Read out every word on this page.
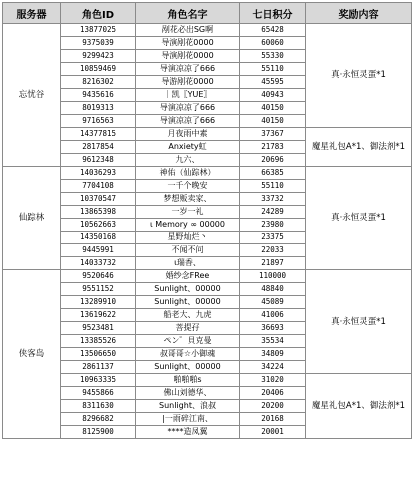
服务器	角色ID	角色名字	七日积分	奖励内容
忘忧谷	13877025	剐花必出SG啊	65428	真·永恒灵蛋*1
	9375039	导演剐花0000	60060	
	9299423	导演剐花0000	55330	
	10859469	导演凉凉了666	55110	
	8216302	导游剐花0000	45595	
	9435616	｜凯〖YUE〗	40943	
	8019313	导演凉凉了666	40150	
	9716563	导演凉凉了666	40150	
	14377815	月夜雨中素	37367	魔星礼包A*1、御法剂*1
	2817854	Anxiety虹	21783	
	9612348	九六、	20696	
仙踪林	14036293	神佑（仙踪林）	66385	真·永恒灵蛋*1
	7704108	一千个晚安	55110	
	10370547	梦想贩卖家、	33732	
	13865398	一岁一礼	24289	
	10562663	ι Memory ∞ 00000	23980	
	14350168	星野灿烂丶	23375	
	9445991	不闻不问	22033	
	14033732	ι瑞香、	21897	
侠客岛	9520646	婚纱念FRee	110000	真·永恒灵蛋*1
	9551152	Sunlight、00000	48840	
	13289910	Sunlight、00000	45089	
	13619622	船老大、九虎	41006	
	9523481	菩提孖	36693	
	13385526	ペン゜貝克曼	35534	
	13506650	叔哥哥☆小御魂	34809	
	2861137	Sunlight、00000	34224	
	10963335	啪啪啪s	31020	魔星礼包A*1、御法剂*1
	9455866	佛山刘德华、	20406	
	8311630	Sunlight、浪叔	20200	
	8296682	|一雨碎江南、	20168	
	8125900	****造凤翼	20001	
